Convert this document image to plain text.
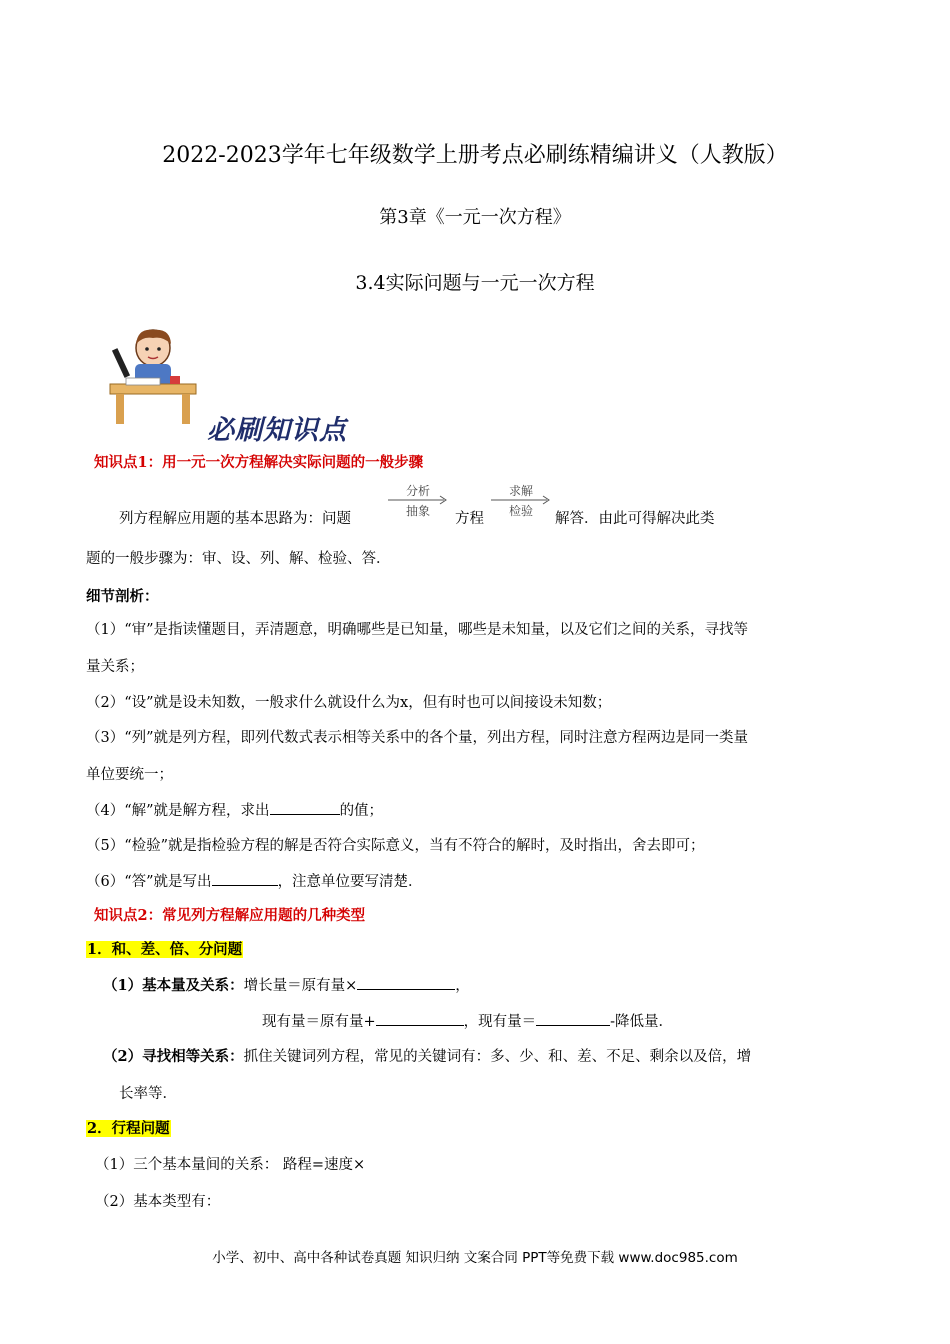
2022-2023学年七年级数学上册考点必刷练精编讲义（人教版）
第3章《一元一次方程》
3.4实际问题与一元一次方程
必刷知识点
知识点1：用一元一次方程解决实际问题的一般步骤
列方程解应用题的基本思路为：问题
分析
抽象	方程
求解
检验	解答．由此可得解决此类
题的一般步骤为：审、设、列、解、检验、答．
细节剖析：
（1）“审”是指读懂题目，弄清题意，明确哪些是已知量，哪些是未知量，以及它们之间的关系，寻找等
量关系；
（2）“设”就是设未知数，一般求什么就设什么为x，但有时也可以间接设未知数；
（3）“列”就是列方程，即列代数式表示相等关系中的各个量，列出方程，同时注意方程两边是同一类量
单位要统一；
（4）“解”就是解方程，求出	的值；
（5）“检验”就是指检验方程的解是否符合实际意义，当有不符合的解时，及时指出，舍去即可；
（6）“答”就是写出	，注意单位要写清楚．
知识点2：常见列方程解应用题的几种类型
1．和、差、倍、分问题
（1）基本量及关系：增长量＝原有量×	，
现有量＝原有量+	，现有量＝	-降低量．
（2）寻找相等关系：抓住关键词列方程，常见的关键词有：多、少、和、差、不足、剩余以及倍，增
长率等．
2．行程问题
（1）三个基本量间的关系： 路程=速度×
（2）基本类型有：
小学、初中、高中各种试卷真题 知识归纳 文案合同 PPT等免费下载 www.doc985.com
